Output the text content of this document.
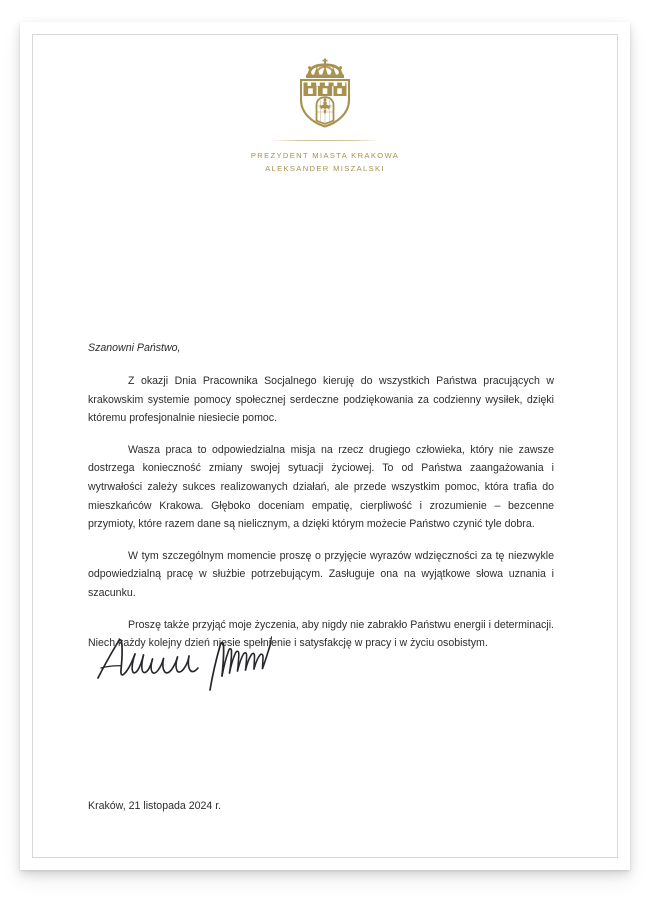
PREZYDENT MIASTA KRAKOWA
ALEKSANDER MISZALSKI
Szanowni Państwo,

Z okazji Dnia Pracownika Socjalnego kieruję do wszystkich Państwa pracujących w krakowskim systemie pomocy społecznej serdeczne podziękowania za codzienny wysiłek, dzięki któremu profesjonalnie niesiecie pomoc.

Wasza praca to odpowiedzialna misja na rzecz drugiego człowieka, który nie zawsze dostrzega konieczność zmiany swojej sytuacji życiowej. To od Państwa zaangażowania i wytrwałości zależy sukces realizowanych działań, ale przede wszystkim pomoc, która trafia do mieszkańców Krakowa. Głęboko doceniam empatię, cierpliwość i zrozumienie – bezcenne przymioty, które razem dane są nielicznym, a dzięki którym możecie Państwo czynić tyle dobra.

W tym szczególnym momencie proszę o przyjęcie wyrazów wdzięczności za tę niezwykle odpowiedzialną pracę w służbie potrzebującym. Zasługuje ona na wyjątkowe słowa uznania i szacunku.

Proszę także przyjąć moje życzenia, aby nigdy nie zabrakło Państwu energii i determinacji. Niech każdy kolejny dzień niesie spełnienie i satysfakcję w pracy i w życiu osobistym.

Kraków, 21 listopada 2024 r.
